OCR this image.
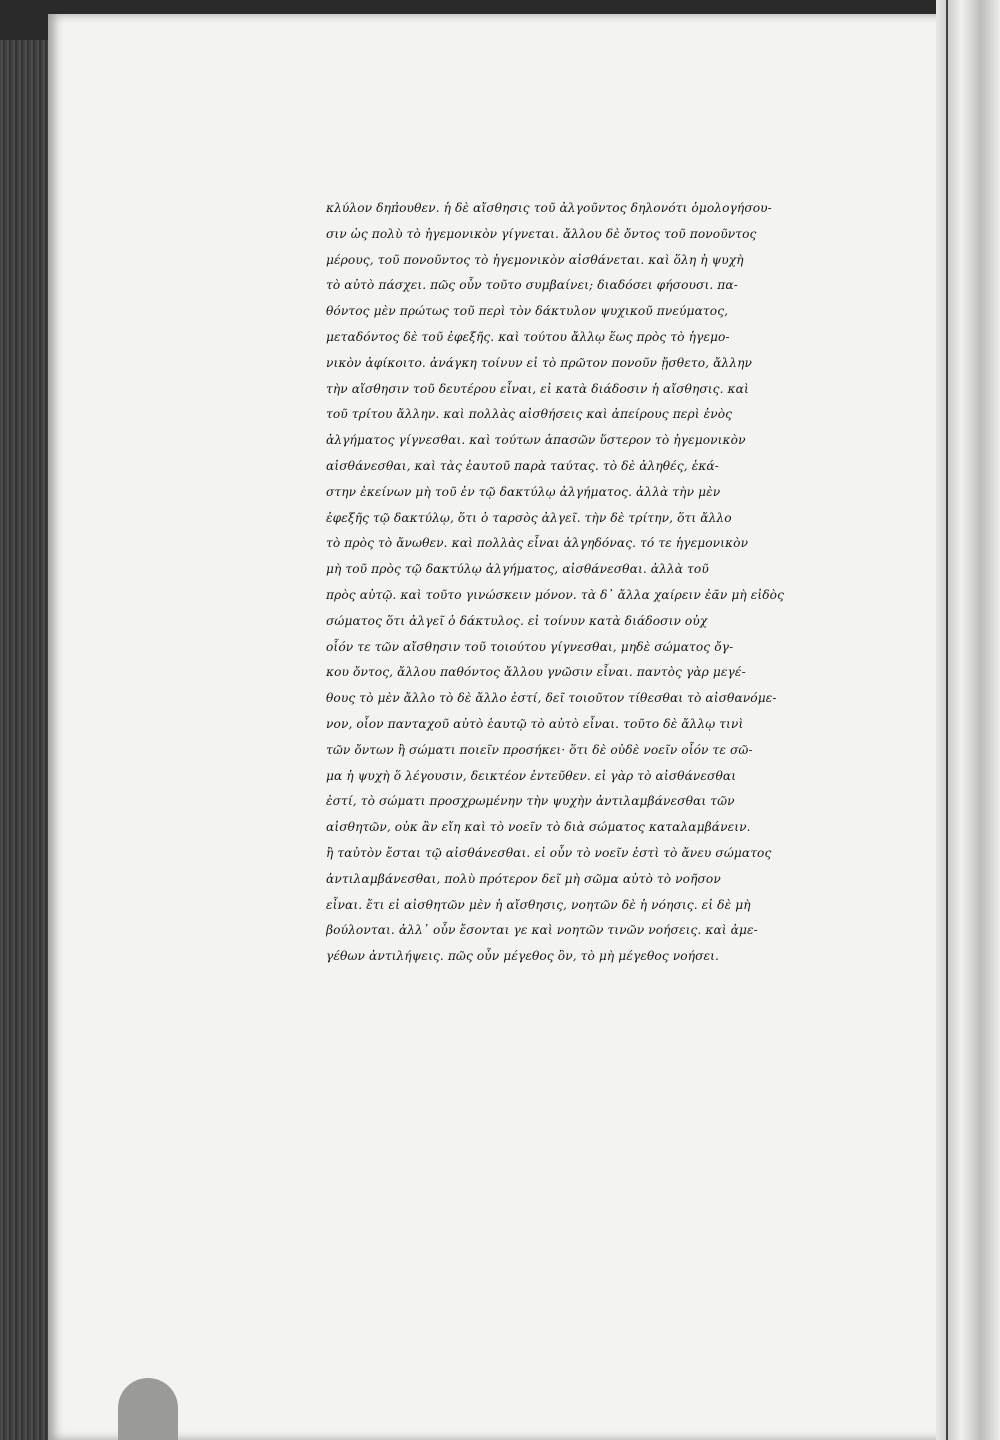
κλύλον δηπ̓ουθεν. ἡ δὲ αἴσθησις τοῦ ἀλγοῦντος δηλονότι ὁμολογήσου-
σιν ὡς πολὺ τὸ ἡγεμονικὸν γίγνεται. ἄλλου δὲ ὄντος τοῦ πονοῦντος
μέρους, τοῦ πονοῦντος τὸ ἡγεμονικὸν αἰσθάνεται. καὶ ὅλη ἡ ψυχὴ
τὸ αὐτὸ πάσχει. πῶς οὖν τοῦτο συμβαίνει; διαδόσει φήσουσι. πα-
θόντος μὲν πρώτως τοῦ περὶ τὸν δάκτυλον ψυχικοῦ πνεύματος,
μεταδόντος δὲ τοῦ ἐφεξῆς. καὶ τούτου ἄλλῳ ἕως πρὸς τὸ ἡγεμο-
νικὸν ἀφίκοιτο. ἀνάγκη τοίνυν εἰ τὸ πρῶτον πονοῦν ᾔσθετο, ἄλλην
τὴν αἴσθησιν τοῦ δευτέρου εἶναι, εἰ κατὰ διάδοσιν ἡ αἴσθησις. καὶ
τοῦ τρίτου ἄλλην. καὶ πολλὰς αἰσθήσεις καὶ ἀπείρους περὶ ἑνὸς
ἀλγήματος γίγνεσθαι. καὶ τούτων ἁπασῶν ὕστερον τὸ ἡγεμονικὸν
αἰσθάνεσθαι, καὶ τὰς ἑαυτοῦ παρὰ ταύτας. τὸ δὲ ἀληθές, ἑκά-
στην ἐκείνων μὴ τοῦ ἐν τῷ δακτύλῳ ἀλγήματος. ἀλλὰ τὴν μὲν
ἐφεξῆς τῷ δακτύλῳ, ὅτι ὁ ταρσὸς ἀλγεῖ. τὴν δὲ τρίτην, ὅτι ἄλλο
τὸ πρὸς τὸ ἄνωθεν. καὶ πολλὰς εἶναι ἀλγηδόνας. τό τε ἡγεμονικὸν
μὴ τοῦ πρὸς τῷ δακτύλῳ ἀλγήματος, αἰσθάνεσθαι. ἀλλὰ τοῦ
πρὸς αὐτῷ. καὶ τοῦτο γινώσκειν μόνον. τὰ δ᾽ ἄλλα χαίρειν ἐᾶν μὴ εἰδὸς
σώματος ὅτι ἀλγεῖ ὁ δάκτυλος. εἰ τοίνυν κατὰ διάδοσιν οὐχ
οἷόν τε τῶν αἴσθησιν τοῦ τοιούτου γίγνεσθαι, μηδὲ σώματος ὄγ-
κου ὄντος, ἄλλου παθόντος ἄλλου γνῶσιν εἶναι. παντὸς γὰρ μεγέ-
θους τὸ μὲν ἄλλο τὸ δὲ ἄλλο ἐστί, δεῖ τοιοῦτον τίθεσθαι τὸ αἰσθανόμε-
νον, οἷον πανταχοῦ αὐτὸ ἑαυτῷ τὸ αὐτὸ εἶναι. τοῦτο δὲ ἄλλῳ τινὶ
τῶν ὄντων ἢ σώματι ποιεῖν προσήκει· ὅτι δὲ οὐδὲ νοεῖν οἷόν τε σῶ-
μα ἡ ψυχὴ ὅ λέγουσιν, δεικτέον ἐντεῦθεν. εἰ γὰρ τὸ αἰσθάνεσθαι
ἐστί, τὸ σώματι προσχρωμένην τὴν ψυχὴν ἀντιλαμβάνεσθαι τῶν
αἰσθητῶν, οὐκ ἂν εἴη καὶ τὸ νοεῖν τὸ διὰ σώματος καταλαμβάνειν.
ἢ ταὐτὸν ἔσται τῷ αἰσθάνεσθαι. εἰ οὖν τὸ νοεῖν ἐστὶ τὸ ἄνευ σώματος
ἀντιλαμβάνεσθαι, πολὺ πρότερον δεῖ μὴ σῶμα αὐτὸ τὸ νοῆσον
εἶναι. ἔτι εἰ αἰσθητῶν μὲν ἡ αἴσθησις, νοητῶν δὲ ἡ νόησις. εἰ δὲ μὴ
βούλονται. ἀλλ᾽ οὖν ἔσονται γε καὶ νοητῶν τινῶν νοήσεις. καὶ ἀμε-
γέθων ἀντιλήψεις. πῶς οὖν μέγεθος ὂν, τὸ μὴ μέγεθος νοήσει.
